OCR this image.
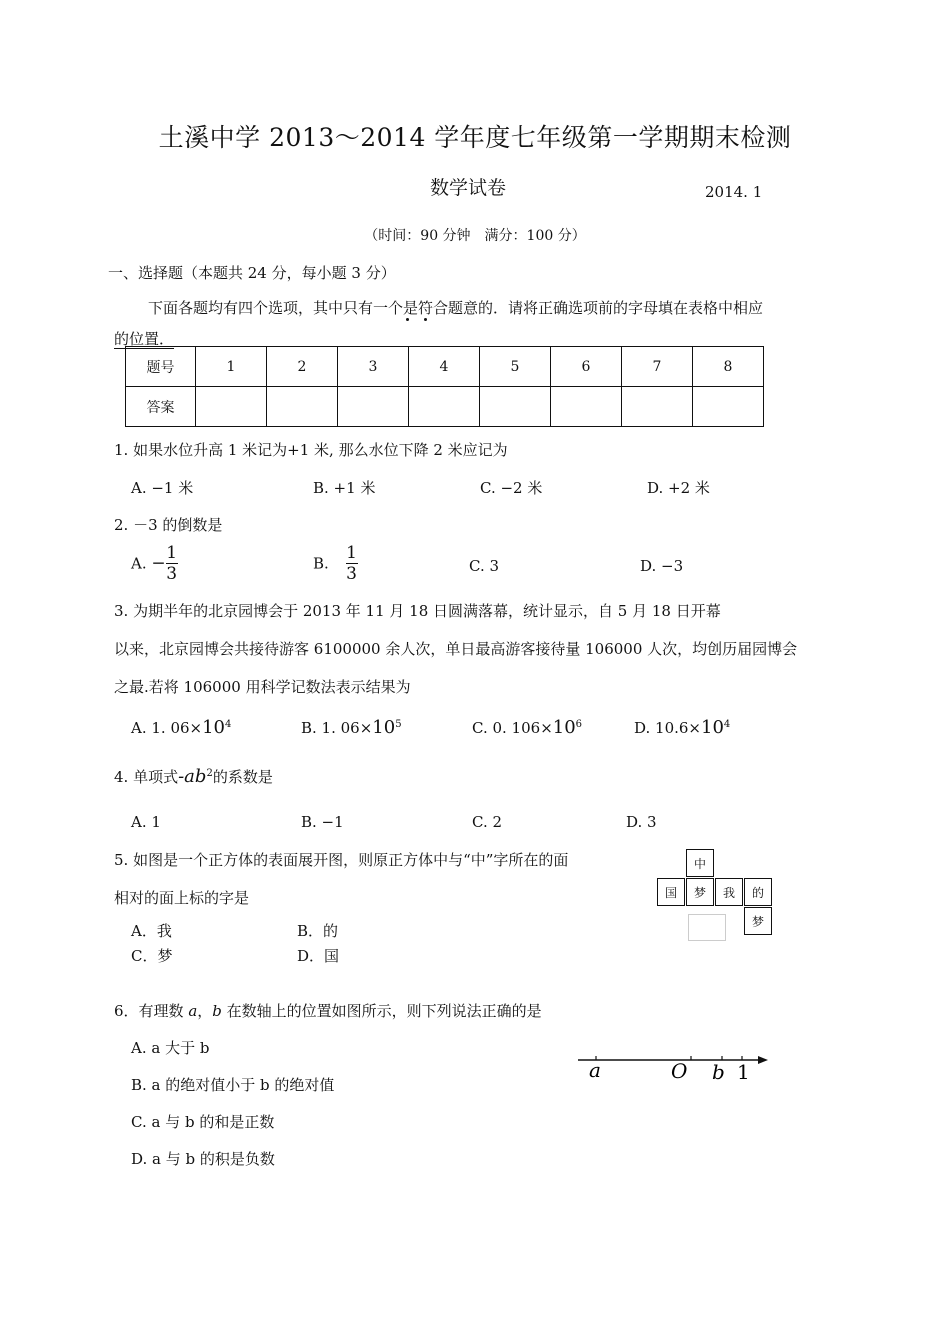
土溪中学 2013～2014 学年度七年级第一学期期末检测
数学试卷	2014. 1
（时间：90 分钟　满分：100 分）
一、选择题（本题共 24 分，每小题 3 分）
下面各题均有四个选项，其中只有一个是符合题意的．请将正确选项前的字母填在表格中相应
的位置．
题号	1	2	3	4	5	6	7	8
答案								
1. 如果水位升高 1 米记为+1 米, 那么水位下降 2 米应记为
A. −1 米	B. +1 米	C. −2 米	D. +2 米
2. －3 的倒数是
A. − $\frac{1}{3}$	B. $\frac{1}{3}$	C. 3	D. −3
3. 为期半年的北京园博会于 2013 年 11 月 18 日圆满落幕，统计显示，自 5 月 18 日开幕
以来，北京园博会共接待游客 6100000 余人次，单日最高游客接待量 106000 人次，均创历届园博会
之最.若将 106000 用科学记数法表示结果为
A. 1. $06\times 10^4$	B. 1. $06\times 10^5$	C. 0. $106\times 10^6$	D. $10.6\times 10^4$
4. 单项式$-ab^2$的系数是
A. 1	B. −1	C. 2	D. 3
5. 如图是一个正方体的表面展开图，则原正方体中与“中”字所在的面
相对的面上标的字是
A．我	B．的
C．梦	D．国
中
国	梦	我	的
梦
6．有理数 a，b 在数轴上的位置如图所示，则下列说法正确的是
A. a 大于 b
B. a 的绝对值小于 b 的绝对值
C. a 与 b 的和是正数
D. a 与 b 的积是负数
a	O b 1
